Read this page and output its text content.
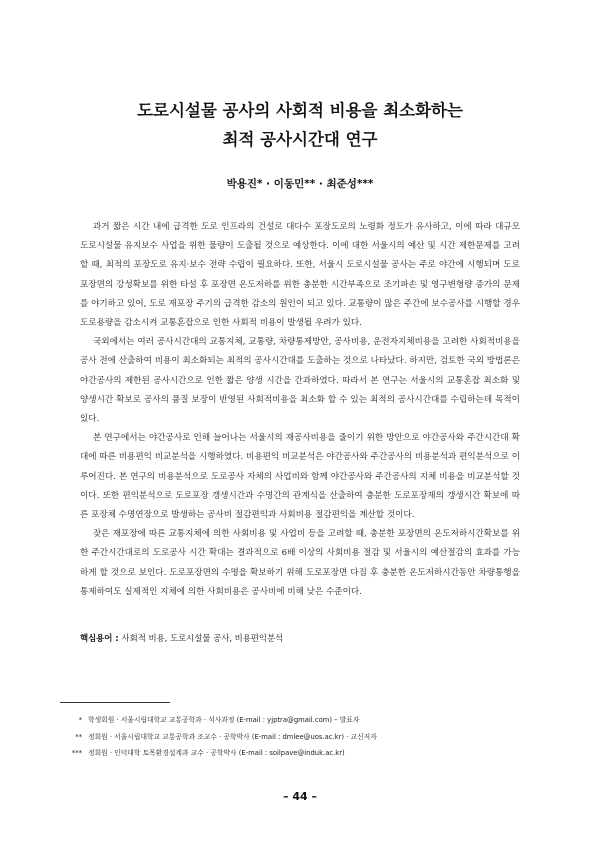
도로시설물 공사의 사회적 비용을 최소화하는
최적 공사시간대 연구
박용진* · 이동민** · 최준성***

과거 짧은 시간 내에 급격한 도로 인프라의 건설로 대다수 포장도로의 노령화 정도가 유사하고, 이에 따라 대규모 도로시설물 유지보수 사업을 위한 물량이 도출될 것으로 예상한다. 이에 대한 서울시의 예산 및 시간 제한문제를 고려할 때, 최적의 포장도로 유지·보수 전략 수립이 필요하다. 또한, 서울시 도로시설물 공사는 주로 야간에 시행되며 도로포장면의 강성확보를 위한 타설 후 포장면 온도저하를 위한 충분한 시간부족으로 조기파손 및 영구변형량 증가의 문제를 야기하고 있어, 도로 재포장 주기의 급격한 감소의 원인이 되고 있다. 교통량이 많은 주간에 보수공사를 시행할 경우 도로용량을 감소시켜 교통혼잡으로 인한 사회적 비용이 발생될 우려가 있다.

국외에서는 여러 공사시간대의 교통지체, 교통량, 차량통제방안, 공사비용, 운전자지체비용을 고려한 사회적비용을 공사 전에 산출하여 비용이 최소화되는 최적의 공사시간대를 도출하는 것으로 나타났다. 하지만, 검토한 국외 방법론은 야간공사의 제한된 공사시간으로 인한 짧은 양생 시간을 간과하였다. 따라서 본 연구는 서울시의 교통혼잡 최소화 및 양생시간 확보로 공사의 품질 보장이 반영된 사회적비용을 최소화 할 수 있는 최적의 공사시간대를 수립하는데 목적이 있다.

본 연구에서는 야간공사로 인해 늘어나는 서울시의 재공사비용을 줄이기 위한 방안으로 야간공사와 주간시간대 확대에 따른 비용편익 비교분석을 시행하였다. 비용편익 비교분석은 야간공사와 주간공사의 비용분석과 편익분석으로 이루어진다. 본 연구의 비용분석으로 도로공사 자체의 사업비와 함께 야간공사와 주간공사의 지체 비용을 비교분석할 것이다. 또한 편익분석으로 도로포장 갱생시간과 수명간의 관계식을 산출하여 충분한 도로포장재의 갱생시간 확보에 따른 포장체 수명연장으로 발생하는 공사비 절감편익과 사회비용 절감편익을 계산할 것이다.

잦은 재포장에 따른 교통지체에 의한 사회비용 및 사업비 등을 고려할 때, 충분한 포장면의 온도저하시간확보를 위한 주간시간대로의 도로공사 시간 확대는 결과적으로 6배 이상의 사회비용 절감 및 서울시의 예산절감의 효과를 가능하게 할 것으로 보인다. 도로포장면의 수명을 확보하기 위해 도로포장면 다짐 후 충분한 온도저하시간동안 차량통행을 통제하여도 실제적인 지체에 의한 사회비용은 공사비에 비해 낮은 수준이다.

핵심용어 : 사회적 비용, 도로시설물 공사, 비용편익분석
* 학생회원 · 서울시립대학교 교통공학과 · 석사과정 (E-mail : yjptra@gmail.com) – 발표자
** 정회원 · 서울시립대학교 교통공학과 조교수 · 공학박사 (E-mail : dmlee@uos.ac.kr) · 교신저자
*** 정회원 · 인덕대학 토목환경설계과 교수 · 공학박사 (E-mail : soilpave@induk.ac.kr)
– 44 –
